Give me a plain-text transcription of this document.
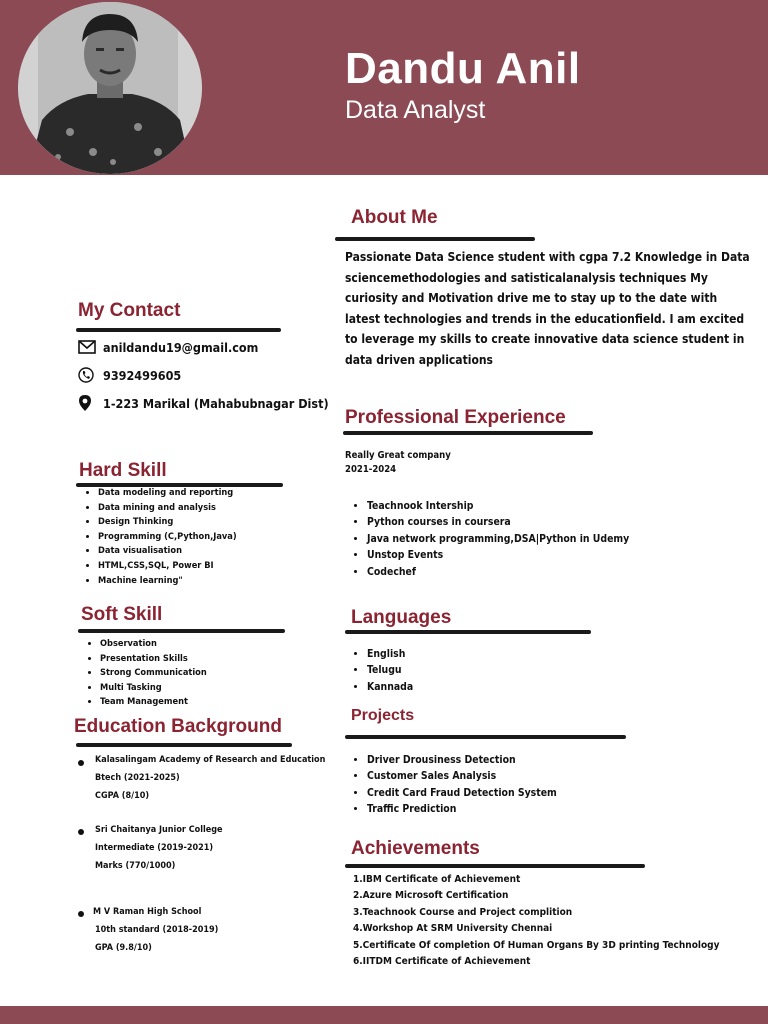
Dandu Anil
Data Analyst
About Me
Passionate Data Science student with cgpa 7.2 Knowledge in Data
sciencemethodologies and satisticalanalysis techniques My
curiosity and Motivation drive me to stay up to the date with
latest technologies and trends in the educationfield. I am excited
to leverage my skills to create innovative data science student in
data driven applications
My Contact
anildandu19@gmail.com
9392499605
1-223 Marikal (Mahabubnagar Dist)
Professional Experience
Really Great company
2021-2024
• Teachnook Intership
• Python courses in coursera
• Java network programming,DSA|Python in Udemy
• Unstop Events
• Codechef
Hard Skill
• Data modeling and reporting
• Data mining and analysis
• Design Thinking
• Programming (C,Python,Java)
• Data visualisation
• HTML,CSS,SQL, Power BI
• Machine learning"
Soft Skill
• Observation
• Presentation Skills
• Strong Communication
• Multi Tasking
• Team Management
Languages
• English
• Telugu
• Kannada
Education Background
Kalasalingam Academy of Research and Education
Btech (2021-2025)
CGPA (8/10)
Sri Chaitanya Junior College
Intermediate (2019-2021)
Marks (770/1000)
M V Raman High School
10th standard (2018-2019)
GPA (9.8/10)
Projects
• Driver Drousiness Detection
• Customer Sales Analysis
• Credit Card Fraud Detection System
• Traffic Prediction
Achievements
1.IBM Certificate of Achievement
2.Azure Microsoft Certification
3.Teachnook Course and Project complition
4.Workshop At SRM University Chennai
5.Certificate Of completion Of Human Organs By 3D printing Technology
6.IITDM Certificate of Achievement
